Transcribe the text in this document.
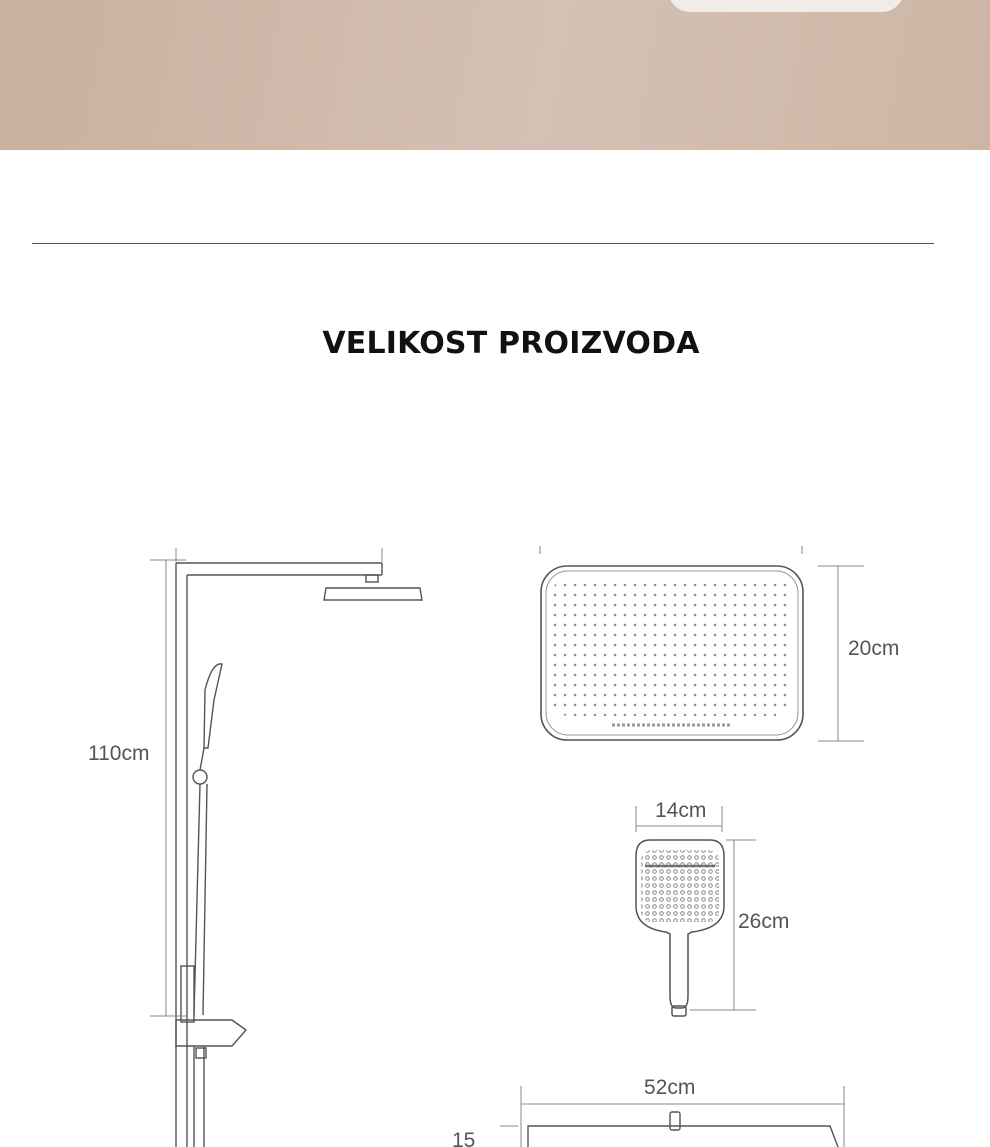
VELIKOST PROIZVODA
110cm
20cm
14cm
26cm
52cm
15
